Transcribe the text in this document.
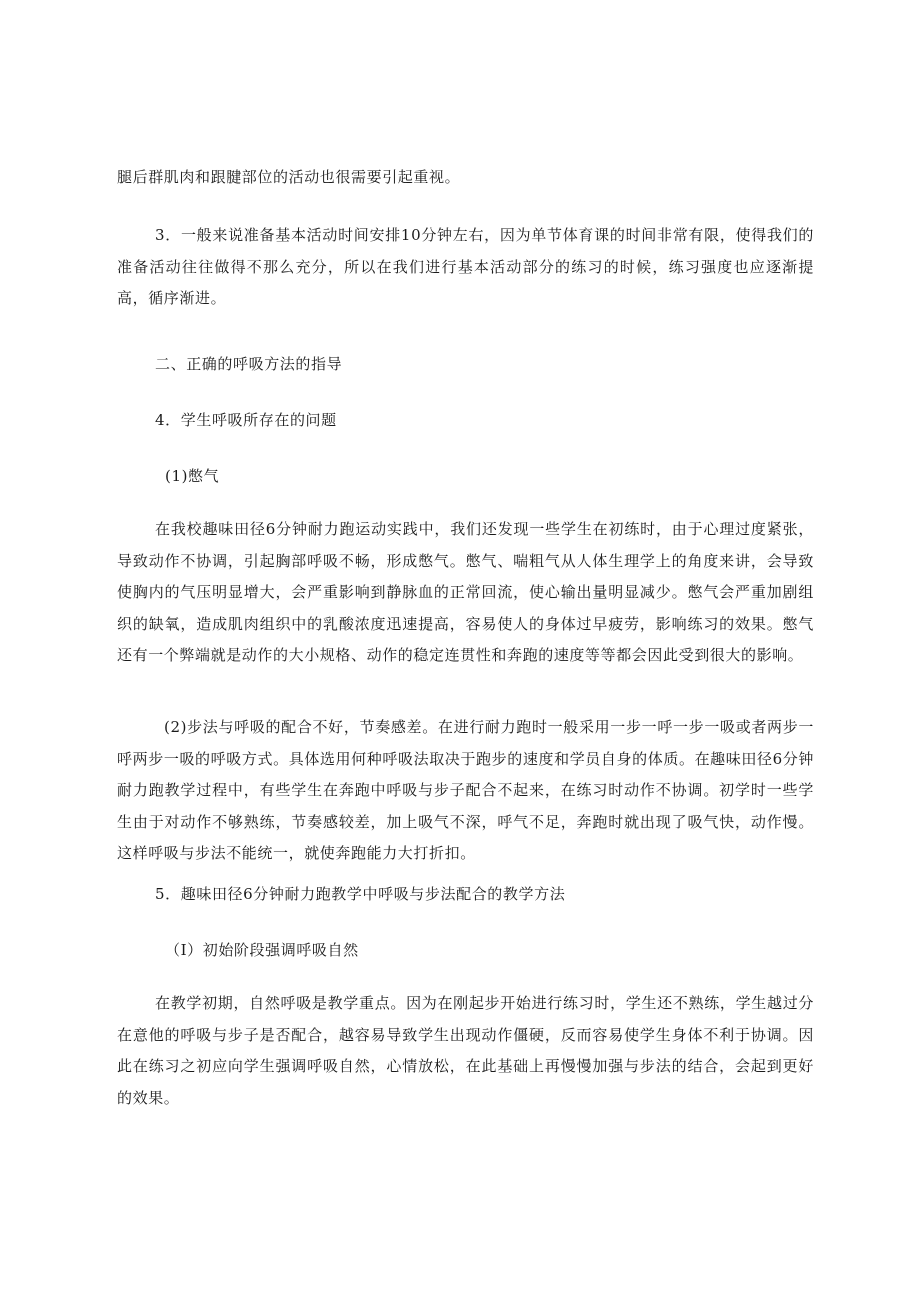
腿后群肌肉和跟腱部位的活动也很需要引起重视。
3．一般来说准备基本活动时间安排10分钟左右，因为单节体育课的时间非常有限，使得我们的准备活动往往做得不那么充分，所以在我们进行基本活动部分的练习的时候，练习强度也应逐渐提高，循序渐进。
二、正确的呼吸方法的指导
4．学生呼吸所存在的问题
(1)憋气
在我校趣味田径6分钟耐力跑运动实践中，我们还发现一些学生在初练时，由于心理过度紧张，导致动作不协调，引起胸部呼吸不畅，形成憋气。憋气、喘粗气从人体生理学上的角度来讲，会导致使胸内的气压明显增大，会严重影响到静脉血的正常回流，使心输出量明显减少。憋气会严重加剧组织的缺氧，造成肌肉组织中的乳酸浓度迅速提高，容易使人的身体过早疲劳，影响练习的效果。憋气还有一个弊端就是动作的大小规格、动作的稳定连贯性和奔跑的速度等等都会因此受到很大的影响。
(2)步法与呼吸的配合不好，节奏感差。在进行耐力跑时一般采用一步一呼一步一吸或者两步一呼两步一吸的呼吸方式。具体选用何种呼吸法取决于跑步的速度和学员自身的体质。在趣味田径6分钟耐力跑教学过程中，有些学生在奔跑中呼吸与步子配合不起来，在练习时动作不协调。初学时一些学生由于对动作不够熟练，节奏感较差，加上吸气不深，呼气不足，奔跑时就出现了吸气快，动作慢。这样呼吸与步法不能统一，就使奔跑能力大打折扣。
5．趣味田径6分钟耐力跑教学中呼吸与步法配合的教学方法
（I）初始阶段强调呼吸自然
在教学初期，自然呼吸是教学重点。因为在刚起步开始进行练习时，学生还不熟练，学生越过分在意他的呼吸与步子是否配合，越容易导致学生出现动作僵硬，反而容易使学生身体不利于协调。因此在练习之初应向学生强调呼吸自然，心情放松，在此基础上再慢慢加强与步法的结合，会起到更好的效果。
